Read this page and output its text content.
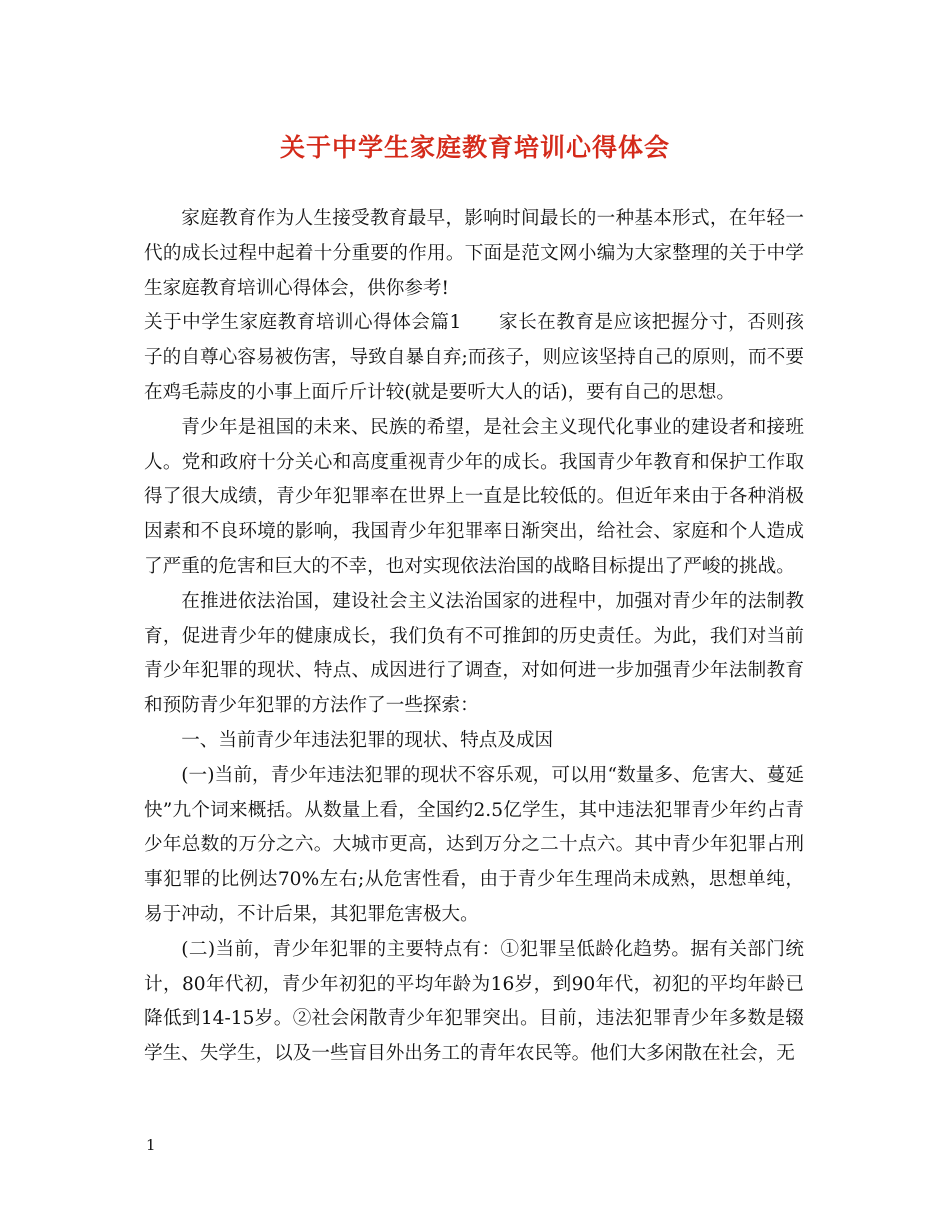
关于中学生家庭教育培训心得体会

家庭教育作为人生接受教育最早，影响时间最长的一种基本形式，在年轻一代的成长过程中起着十分重要的作用。下面是范文网小编为大家整理的关于中学生家庭教育培训心得体会，供你参考!

关于中学生家庭教育培训心得体会篇1 家长在教育是应该把握分寸，否则孩子的自尊心容易被伤害，导致自暴自弃;而孩子，则应该坚持自己的原则，而不要在鸡毛蒜皮的小事上面斤斤计较(就是要听大人的话)，要有自己的思想。

青少年是祖国的未来、民族的希望，是社会主义现代化事业的建设者和接班人。党和政府十分关心和高度重视青少年的成长。我国青少年教育和保护工作取得了很大成绩，青少年犯罪率在世界上一直是比较低的。但近年来由于各种消极因素和不良环境的影响，我国青少年犯罪率日渐突出，给社会、家庭和个人造成了严重的危害和巨大的不幸，也对实现依法治国的战略目标提出了严峻的挑战。

在推进依法治国，建设社会主义法治国家的进程中，加强对青少年的法制教育，促进青少年的健康成长，我们负有不可推卸的历史责任。为此，我们对当前青少年犯罪的现状、特点、成因进行了调查，对如何进一步加强青少年法制教育和预防青少年犯罪的方法作了一些探索：

一、当前青少年违法犯罪的现状、特点及成因

(一)当前，青少年违法犯罪的现状不容乐观，可以用“数量多、危害大、蔓延快”九个词来概括。从数量上看，全国约2.5亿学生，其中违法犯罪青少年约占青少年总数的万分之六。大城市更高，达到万分之二十点六。其中青少年犯罪占刑事犯罪的比例达70%左右;从危害性看，由于青少年生理尚未成熟，思想单纯，易于冲动，不计后果，其犯罪危害极大。

(二)当前，青少年犯罪的主要特点有：①犯罪呈低龄化趋势。据有关部门统计，80年代初，青少年初犯的平均年龄为16岁，到90年代，初犯的平均年龄已降低到14-15岁。②社会闲散青少年犯罪突出。目前，违法犯罪青少年多数是辍学生、失学生，以及一些盲目外出务工的青年农民等。他们大多闲散在社会，无

1
